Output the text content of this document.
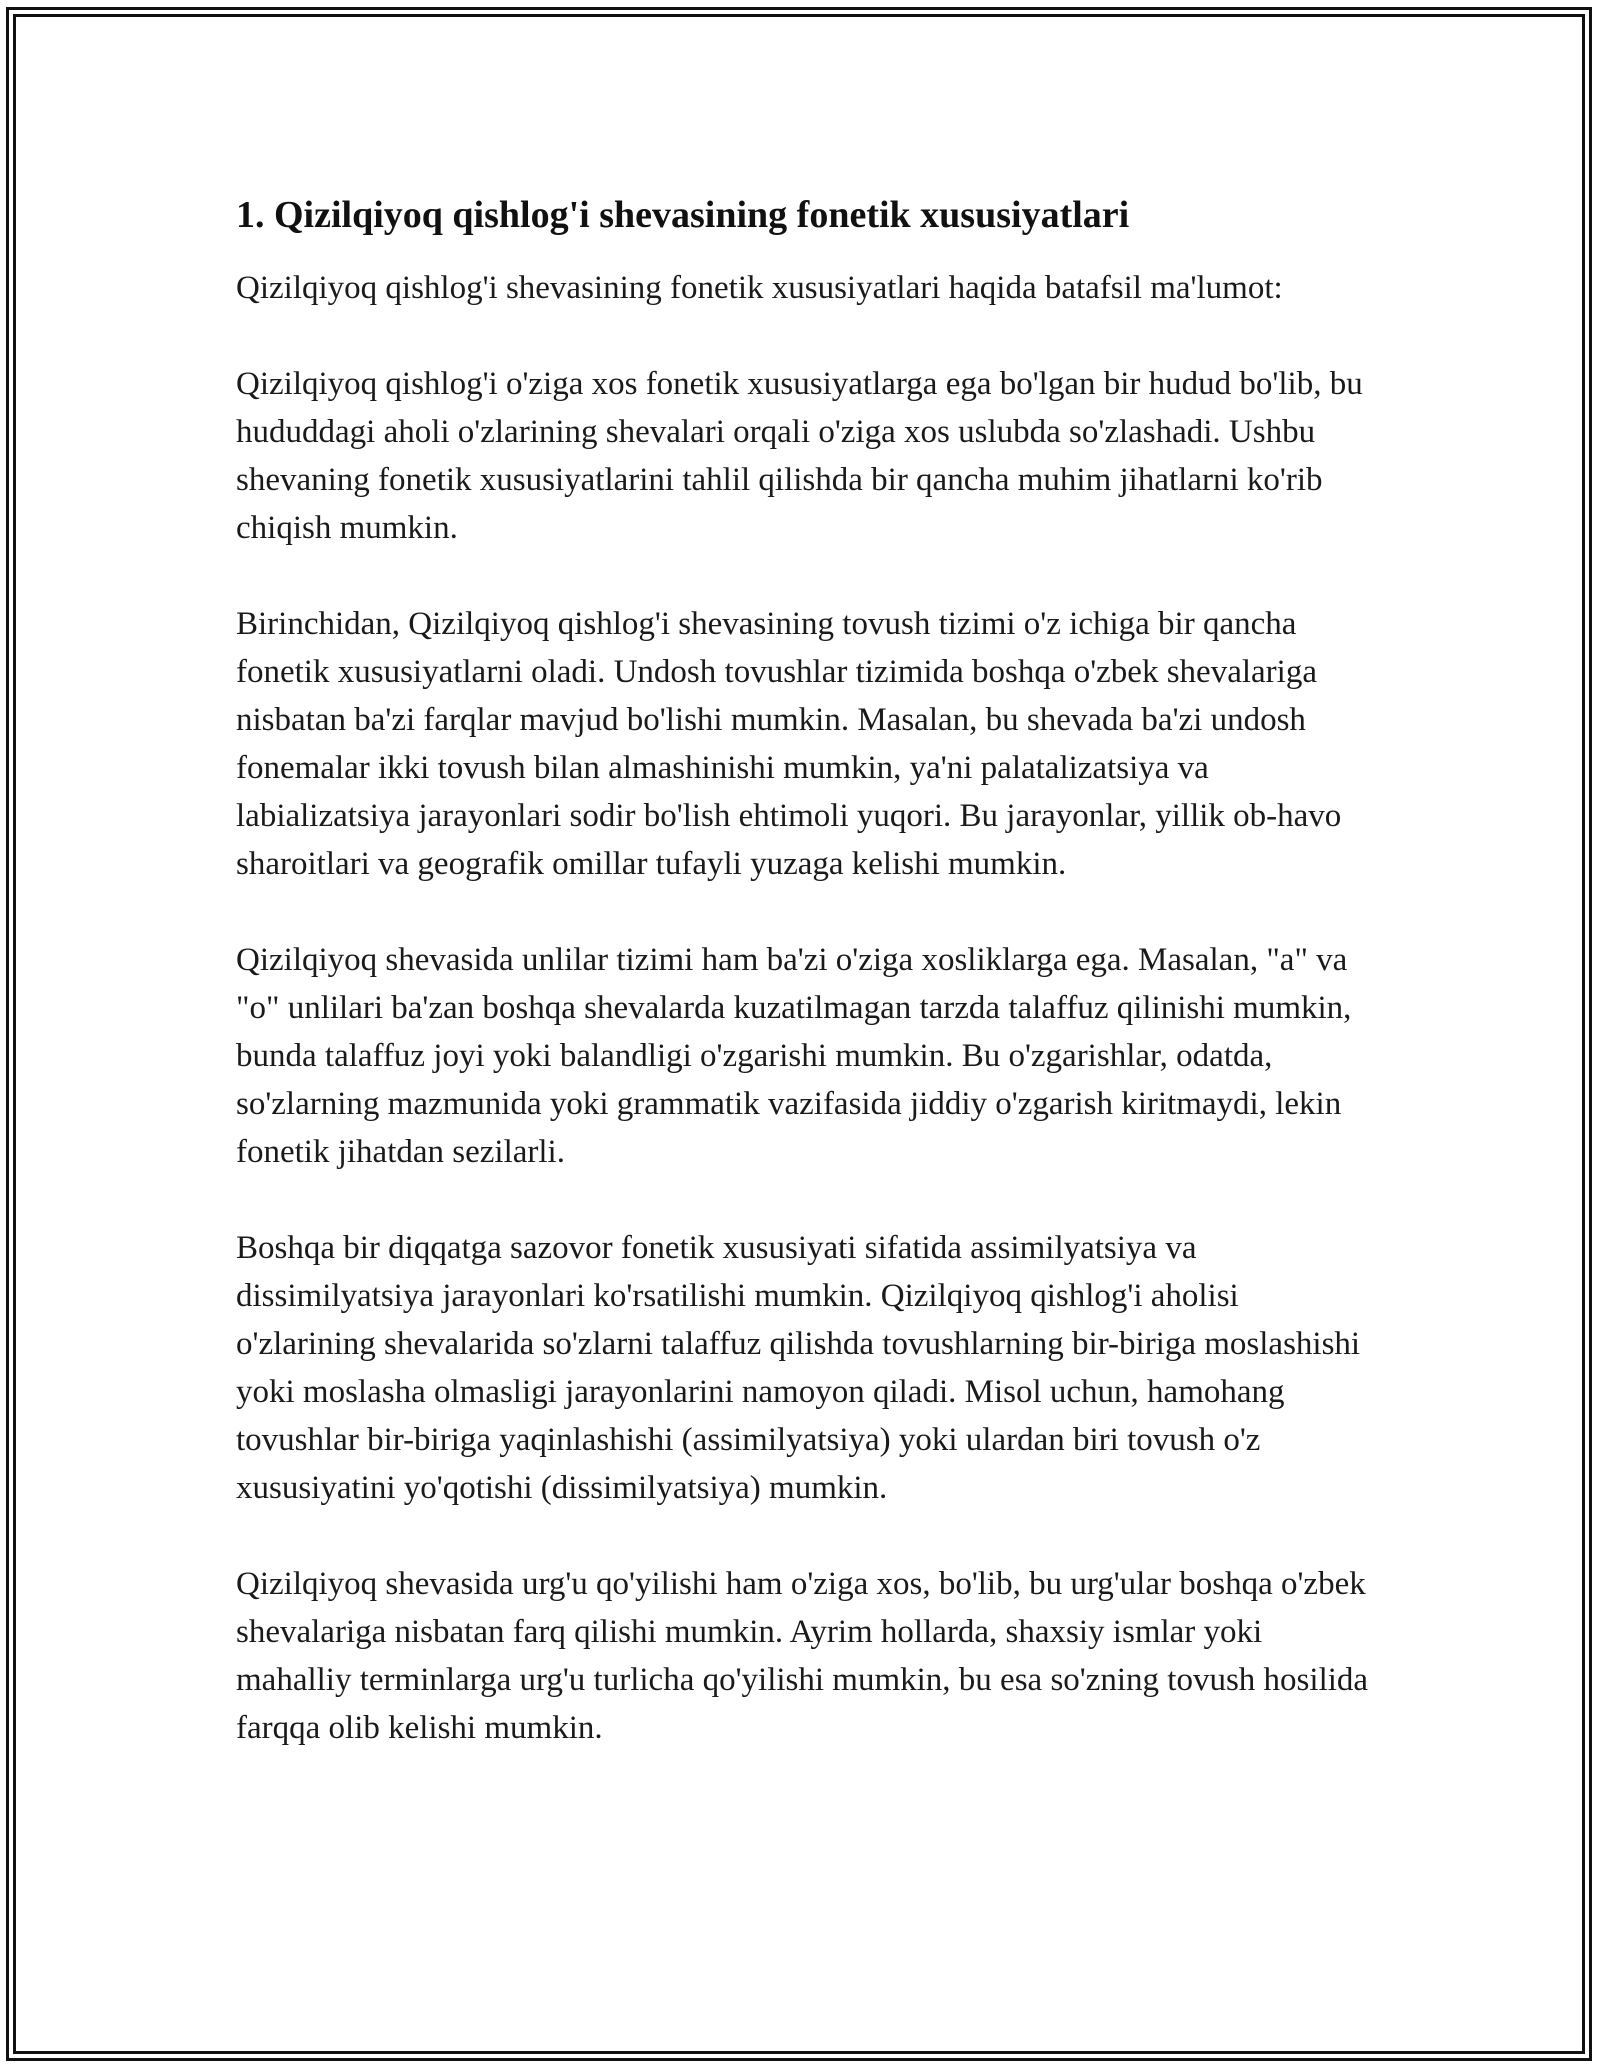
1. Qizilqiyoq qishlog'i shevasining fonetik xususiyatlari

Qizilqiyoq qishlog'i shevasining fonetik xususiyatlari haqida batafsil ma'lumot:

Qizilqiyoq qishlog'i o'ziga xos fonetik xususiyatlarga ega bo'lgan bir hudud bo'lib, bu hududdagi aholi o'zlarining shevalari orqali o'ziga xos uslubda so'zlashadi. Ushbu shevaning fonetik xususiyatlarini tahlil qilishda bir qancha muhim jihatlarni ko'rib chiqish mumkin.

Birinchidan, Qizilqiyoq qishlog'i shevasining tovush tizimi o'z ichiga bir qancha fonetik xususiyatlarni oladi. Undosh tovushlar tizimida boshqa o'zbek shevalariga nisbatan ba'zi farqlar mavjud bo'lishi mumkin. Masalan, bu shevada ba'zi undosh fonemalar ikki tovush bilan almashinishi mumkin, ya'ni palatalizatsiya va labializatsiya jarayonlari sodir bo'lish ehtimoli yuqori. Bu jarayonlar, yillik ob-havo sharoitlari va geografik omillar tufayli yuzaga kelishi mumkin.

Qizilqiyoq shevasida unlilar tizimi ham ba'zi o'ziga xosliklarga ega. Masalan, "a" va "o" unlilari ba'zan boshqa shevalarda kuzatilmagan tarzda talaffuz qilinishi mumkin, bunda talaffuz joyi yoki balandligi o'zgarishi mumkin. Bu o'zgarishlar, odatda, so'zlarning mazmunida yoki grammatik vazifasida jiddiy o'zgarish kiritmaydi, lekin fonetik jihatdan sezilarli.

Boshqa bir diqqatga sazovor fonetik xususiyati sifatida assimilyatsiya va dissimilyatsiya jarayonlari ko'rsatilishi mumkin. Qizilqiyoq qishlog'i aholisi o'zlarining shevalarida so'zlarni talaffuz qilishda tovushlarning bir-biriga moslashishi yoki moslasha olmasligi jarayonlarini namoyon qiladi. Misol uchun, hamohang tovushlar bir-biriga yaqinlashishi (assimilyatsiya) yoki ulardan biri tovush o'z xususiyatini yo'qotishi (dissimilyatsiya) mumkin.

Qizilqiyoq shevasida urg'u qo'yilishi ham o'ziga xos, bo'lib, bu urg'ular boshqa o'zbek shevalariga nisbatan farq qilishi mumkin. Ayrim hollarda, shaxsiy ismlar yoki mahalliy terminlarga urg'u turlicha qo'yilishi mumkin, bu esa so'zning tovush hosilida farqqa olib kelishi mumkin.
